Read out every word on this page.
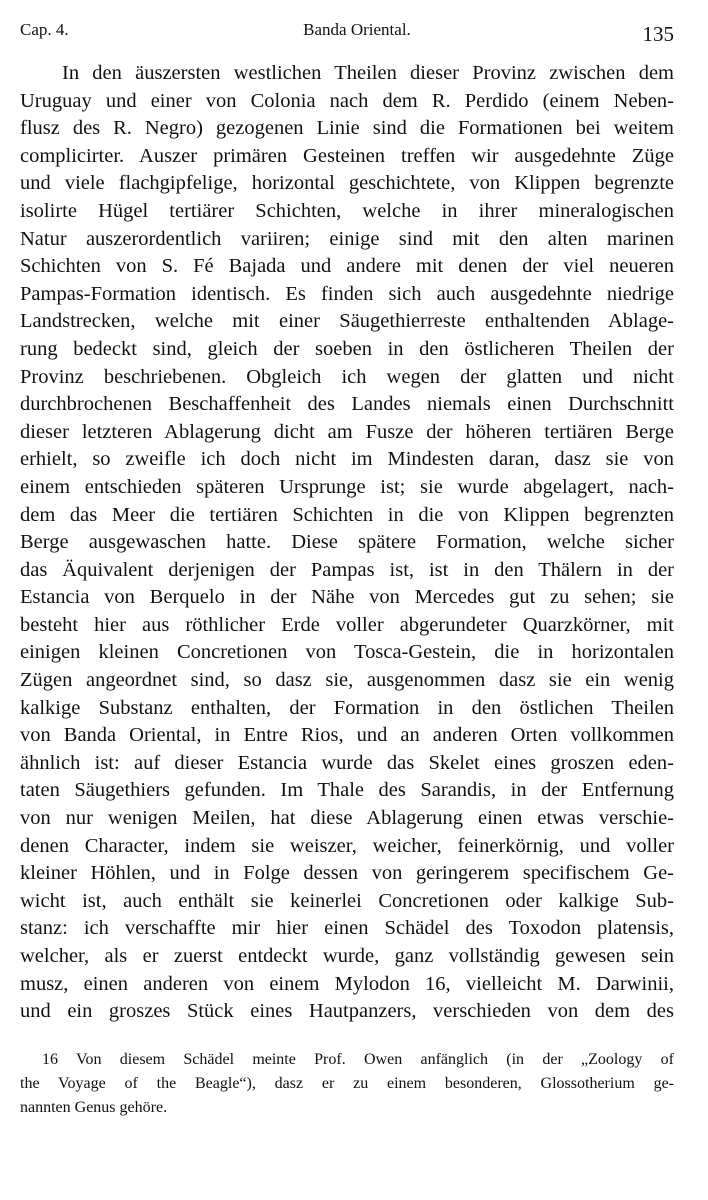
Cap. 4.	Banda Oriental.	135
In den äuszersten westlichen Theilen dieser Provinz zwischen dem
Uruguay und einer von Colonia nach dem R. Perdido (einem Neben-
flusz des R. Negro) gezogenen Linie sind die Formationen bei weitem
complicirter. Auszer primären Gesteinen treffen wir ausgedehnte Züge
und viele flachgipfelige, horizontal geschichtete, von Klippen begrenzte
isolirte Hügel tertiärer Schichten, welche in ihrer mineralogischen
Natur auszerordentlich variiren; einige sind mit den alten marinen
Schichten von S. Fé Bajada und andere mit denen der viel neueren
Pampas-Formation identisch. Es finden sich auch ausgedehnte niedrige
Landstrecken, welche mit einer Säugethierreste enthaltenden Ablage-
rung bedeckt sind, gleich der soeben in den östlicheren Theilen der
Provinz beschriebenen. Obgleich ich wegen der glatten und nicht
durchbrochenen Beschaffenheit des Landes niemals einen Durchschnitt
dieser letzteren Ablagerung dicht am Fusze der höheren tertiären Berge
erhielt, so zweifle ich doch nicht im Mindesten daran, dasz sie von
einem entschieden späteren Ursprunge ist; sie wurde abgelagert, nach-
dem das Meer die tertiären Schichten in die von Klippen begrenzten
Berge ausgewaschen hatte. Diese spätere Formation, welche sicher
das Äquivalent derjenigen der Pampas ist, ist in den Thälern in der
Estancia von Berquelo in der Nähe von Mercedes gut zu sehen; sie
besteht hier aus röthlicher Erde voller abgerundeter Quarzkörner, mit
einigen kleinen Concretionen von Tosca-Gestein, die in horizontalen
Zügen angeordnet sind, so dasz sie, ausgenommen dasz sie ein wenig
kalkige Substanz enthalten, der Formation in den östlichen Theilen
von Banda Oriental, in Entre Rios, und an anderen Orten vollkommen
ähnlich ist: auf dieser Estancia wurde das Skelet eines groszen eden-
taten Säugethiers gefunden. Im Thale des Sarandis, in der Entfernung
von nur wenigen Meilen, hat diese Ablagerung einen etwas verschie-
denen Character, indem sie weiszer, weicher, feinerkörnig, und voller
kleiner Höhlen, und in Folge dessen von geringerem specifischem Ge-
wicht ist, auch enthält sie keinerlei Concretionen oder kalkige Sub-
stanz: ich verschaffte mir hier einen Schädel des Toxodon platensis,
welcher, als er zuerst entdeckt wurde, ganz vollständig gewesen sein
musz, einen anderen von einem Mylodon 16, vielleicht M. Darwinii,
und ein groszes Stück eines Hautpanzers, verschieden von dem des
16 Von diesem Schädel meinte Prof. Owen anfänglich (in der „Zoology of
the Voyage of the Beagle“), dasz er zu einem besonderen, Glossotherium ge-
nannten Genus gehöre.
